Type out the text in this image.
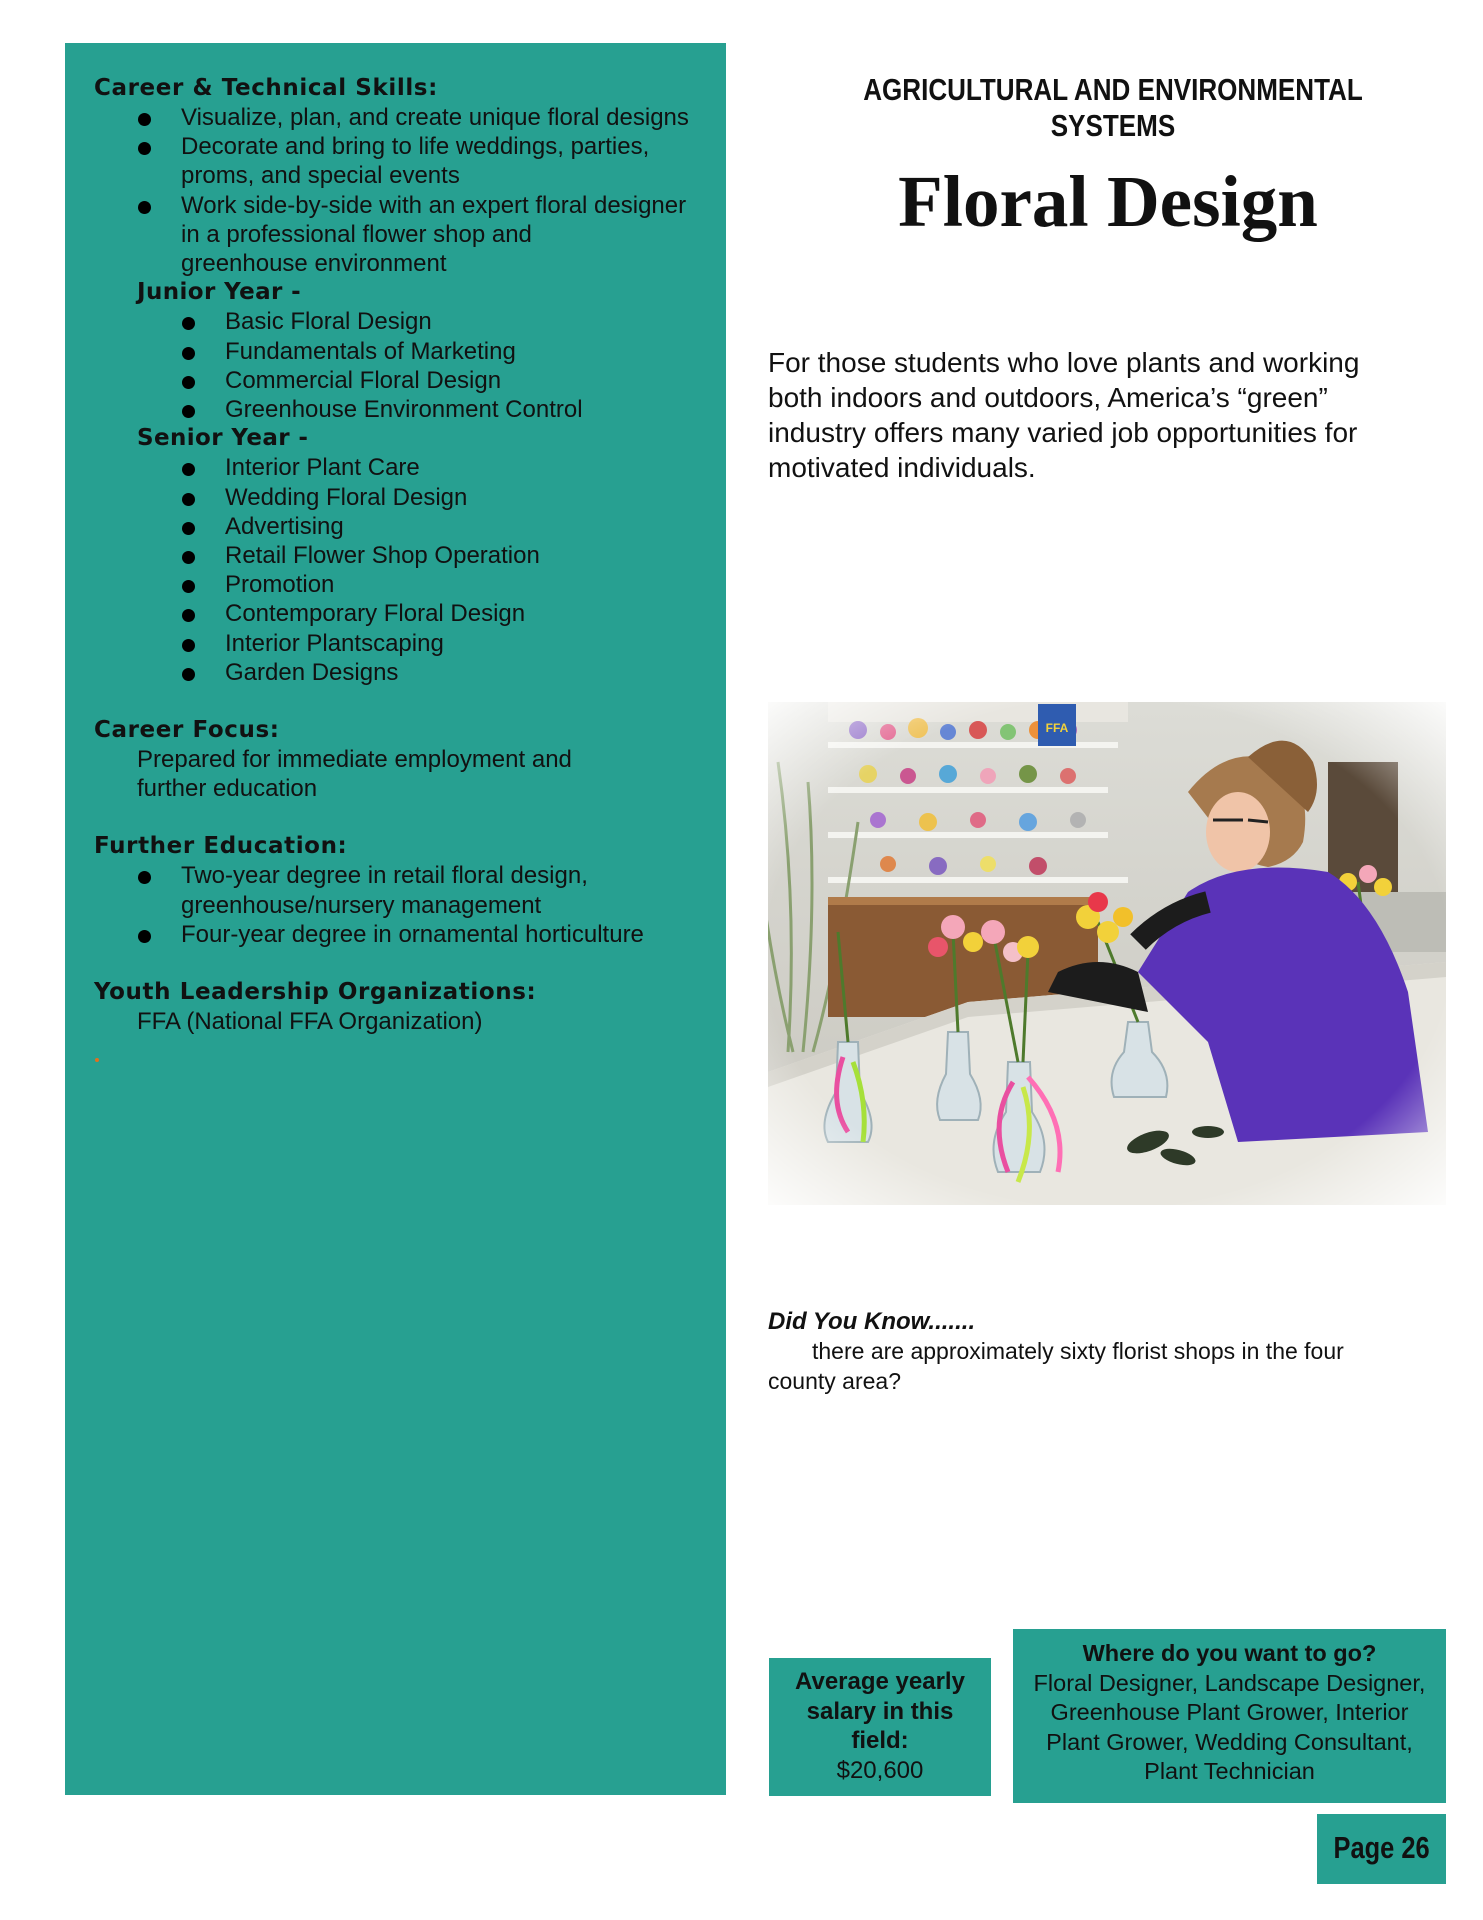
Career & Technical Skills:
Visualize, plan, and create unique floral designs
Decorate and bring to life weddings, parties,
proms, and special events
Work side-by-side with an expert floral designer
in a professional flower shop and
greenhouse environment
Junior Year -
Basic Floral Design
Fundamentals of Marketing
Commercial Floral Design
Greenhouse Environment Control
Senior Year -
Interior Plant Care
Wedding Floral Design
Advertising
Retail Flower Shop Operation
Promotion
Contemporary Floral Design
Interior Plantscaping
Garden Designs
Career Focus:
Prepared for immediate employment and
further education
Further Education:
Two-year degree in retail floral design,
greenhouse/nursery management
Four-year degree in ornamental horticulture
Youth Leadership Organizations:
FFA (National FFA Organization)
AGRICULTURAL AND ENVIRONMENTAL SYSTEMS
Floral Design
For those students who love plants and working
both indoors and outdoors, America’s “green”
industry offers many varied job opportunities for
motivated individuals.
Did You Know.......
there are approximately sixty florist shops in the four
county area?
Average yearly
salary in this
field:
$20,600
Where do you want to go?
Floral Designer, Landscape Designer,
Greenhouse Plant Grower, Interior
Plant Grower, Wedding Consultant,
Plant Technician
Page 26
